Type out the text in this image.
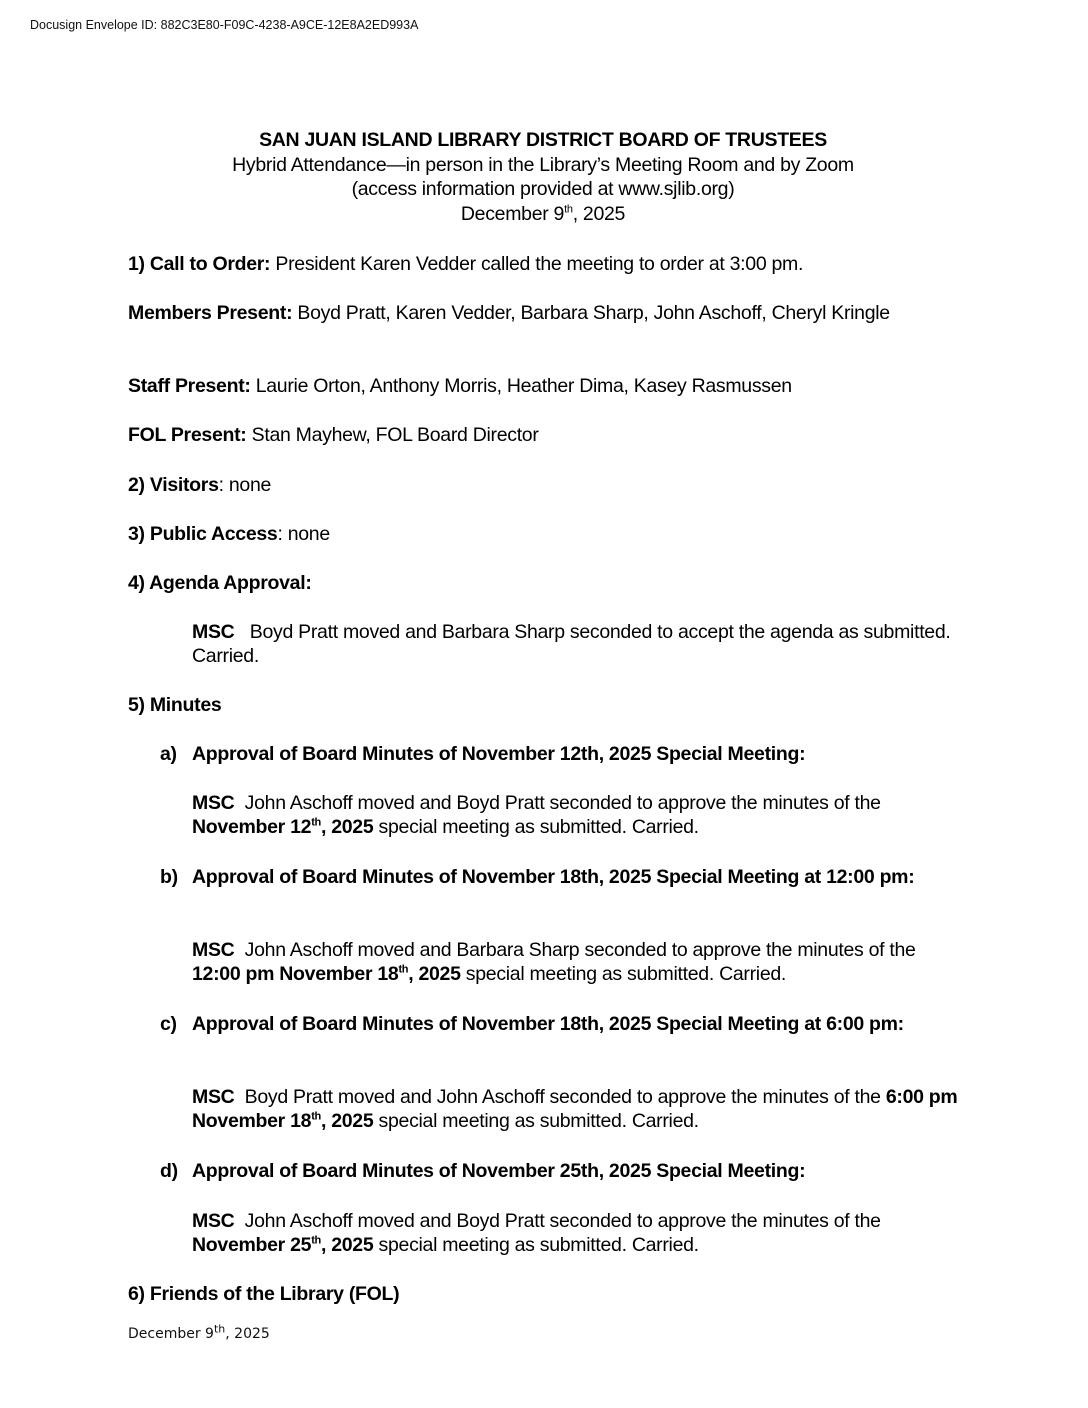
Docusign Envelope ID: 882C3E80-F09C-4238-A9CE-12E8A2ED993A
SAN JUAN ISLAND LIBRARY DISTRICT BOARD OF TRUSTEES
Hybrid Attendance—in person in the Library’s Meeting Room and by Zoom
(access information provided at www.sjlib.org)
December 9th, 2025
1) Call to Order: President Karen Vedder called the meeting to order at 3:00 pm.
Members Present: Boyd Pratt, Karen Vedder, Barbara Sharp, John Aschoff, Cheryl Kringle
Staff Present: Laurie Orton, Anthony Morris, Heather Dima, Kasey Rasmussen
FOL Present: Stan Mayhew, FOL Board Director
2) Visitors: none
3) Public Access: none
4) Agenda Approval:
MSC   Boyd Pratt moved and Barbara Sharp seconded to accept the agenda as submitted. Carried.
5) Minutes
a) Approval of Board Minutes of November 12th, 2025 Special Meeting:
MSC  John Aschoff moved and Boyd Pratt seconded to approve the minutes of the November 12th, 2025 special meeting as submitted. Carried.
b) Approval of Board Minutes of November 18th, 2025 Special Meeting at 12:00 pm:
MSC  John Aschoff moved and Barbara Sharp seconded to approve the minutes of the 12:00 pm November 18th, 2025 special meeting as submitted. Carried.
c) Approval of Board Minutes of November 18th, 2025 Special Meeting at 6:00 pm:
MSC  Boyd Pratt moved and John Aschoff seconded to approve the minutes of the 6:00 pm November 18th, 2025 special meeting as submitted. Carried.
d) Approval of Board Minutes of November 25th, 2025 Special Meeting:
MSC  John Aschoff moved and Boyd Pratt seconded to approve the minutes of the November 25th, 2025 special meeting as submitted. Carried.
6) Friends of the Library (FOL)
December 9th, 2025
